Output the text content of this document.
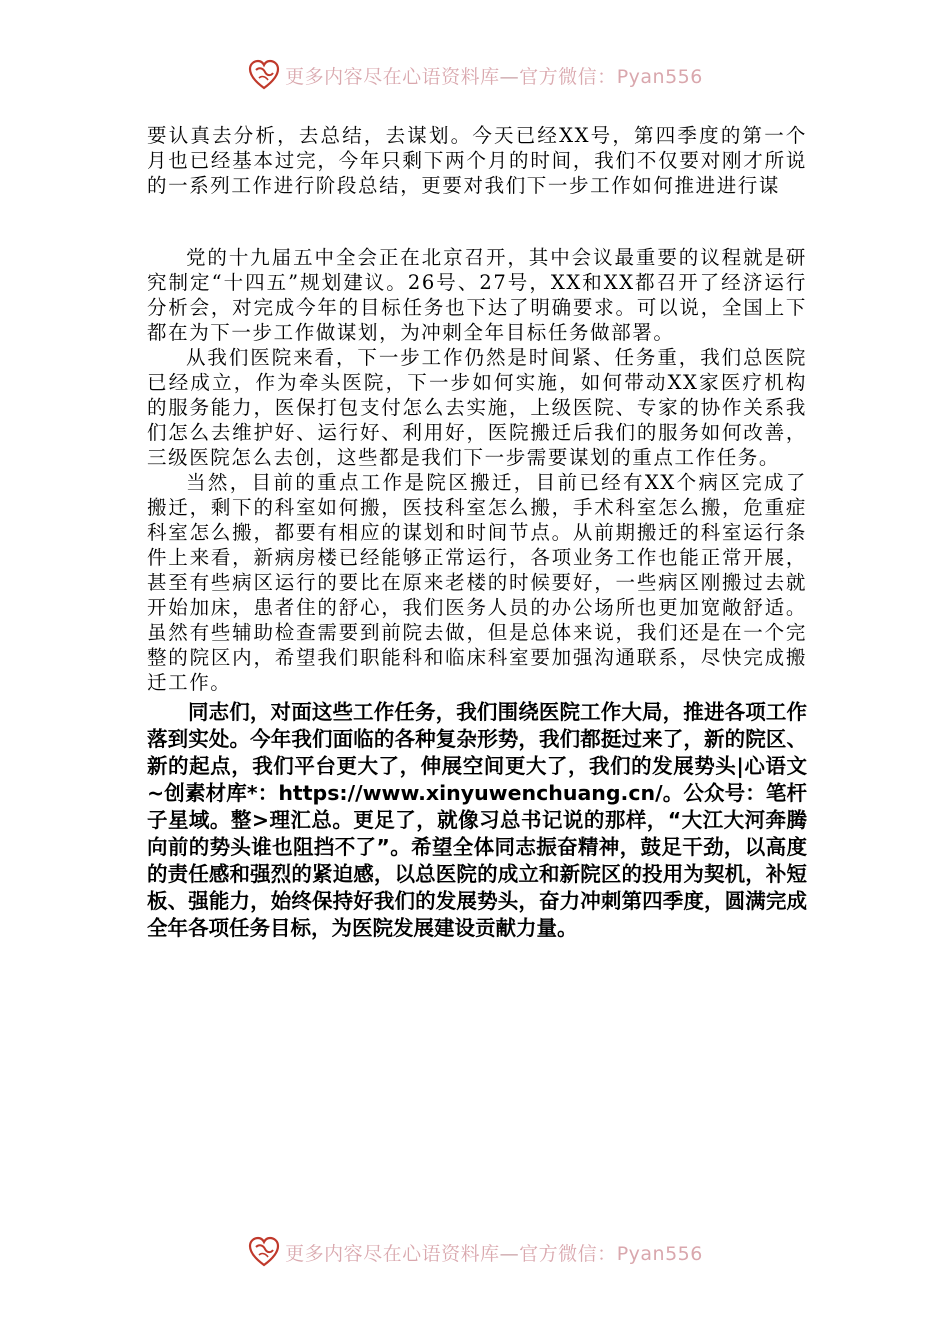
更多内容尽在心语资料库—官方微信：Pyan556

要认真去分析，去总结，去谋划。今天已经XX号，第四季度的第一个月也已经基本过完，今年只剩下两个月的时间，我们不仅要对刚才所说的一系列工作进行阶段总结，更要对我们下一步工作如何推进进行谋

党的十九届五中全会正在北京召开，其中会议最重要的议程就是研究制定“十四五”规划建议。26号、27号，XX和XX都召开了经济运行分析会，对完成今年的目标任务也下达了明确要求。可以说，全国上下都在为下一步工作做谋划，为冲刺全年目标任务做部署。

从我们医院来看，下一步工作仍然是时间紧、任务重，我们总医院已经成立，作为牵头医院，下一步如何实施，如何带动XX家医疗机构的服务能力，医保打包支付怎么去实施，上级医院、专家的协作关系我们怎么去维护好、运行好、利用好，医院搬迁后我们的服务如何改善，三级医院怎么去创，这些都是我们下一步需要谋划的重点工作任务。

当然，目前的重点工作是院区搬迁，目前已经有XX个病区完成了搬迁，剩下的科室如何搬，医技科室怎么搬，手术科室怎么搬，危重症科室怎么搬，都要有相应的谋划和时间节点。从前期搬迁的科室运行条件上来看，新病房楼已经能够正常运行，各项业务工作也能正常开展，甚至有些病区运行的要比在原来老楼的时候要好，一些病区刚搬过去就开始加床，患者住的舒心，我们医务人员的办公场所也更加宽敞舒适。虽然有些辅助检查需要到前院去做，但是总体来说，我们还是在一个完整的院区内，希望我们职能科和临床科室要加强沟通联系，尽快完成搬迁工作。

同志们，对面这些工作任务，我们围绕医院工作大局，推进各项工作落到实处。今年我们面临的各种复杂形势，我们都挺过来了，新的院区、新的起点，我们平台更大了，伸展空间更大了，我们的发展势头|心语文~创素材库*：https://www.xinyuwenchuang.cn/。公众号：笔杆子星域。整>理汇总。更足了，就像习总书记说的那样，“大江大河奔腾向前的势头谁也阻挡不了”。希望全体同志振奋精神，鼓足干劲，以高度的责任感和强烈的紧迫感，以总医院的成立和新院区的投用为契机，补短板、强能力，始终保持好我们的发展势头，奋力冲刺第四季度，圆满完成全年各项任务目标，为医院发展建设贡献力量。

更多内容尽在心语资料库—官方微信：Pyan556
